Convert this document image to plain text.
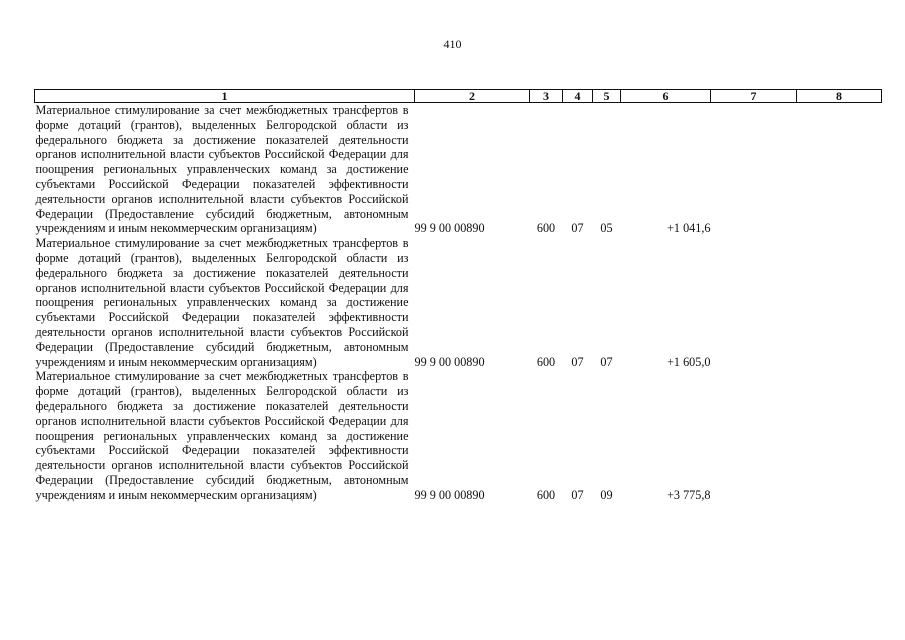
410
1	2	3	4	5	6	7	8
Материальное стимулирование за счет межбюджетных трансфертов в форме дотаций (грантов), выделенных Белгородской области из федерального бюджета за достижение показателей деятельности органов исполнительной власти субъектов Российской Федерации для поощрения региональных управленческих команд за достижение субъектами Российской Федерации показателей эффективности деятельности органов исполнительной власти субъектов Российской Федерации (Предоставление субсидий бюджетным, автономным учреждениям и иным некоммерческим организациям)	99 9 00 00890	600	07	05	+1 041,6		
Материальное стимулирование за счет межбюджетных трансфертов в форме дотаций (грантов), выделенных Белгородской области из федерального бюджета за достижение показателей деятельности органов исполнительной власти субъектов Российской Федерации для поощрения региональных управленческих команд за достижение субъектами Российской Федерации показателей эффективности деятельности органов исполнительной власти субъектов Российской Федерации (Предоставление субсидий бюджетным, автономным учреждениям и иным некоммерческим организациям)	99 9 00 00890	600	07	07	+1 605,0		
Материальное стимулирование за счет межбюджетных трансфертов в форме дотаций (грантов), выделенных Белгородской области из федерального бюджета за достижение показателей деятельности органов исполнительной власти субъектов Российской Федерации для поощрения региональных управленческих команд за достижение субъектами Российской Федерации показателей эффективности деятельности органов исполнительной власти субъектов Российской Федерации (Предоставление субсидий бюджетным, автономным учреждениям и иным некоммерческим организациям)	99 9 00 00890	600	07	09	+3 775,8		
